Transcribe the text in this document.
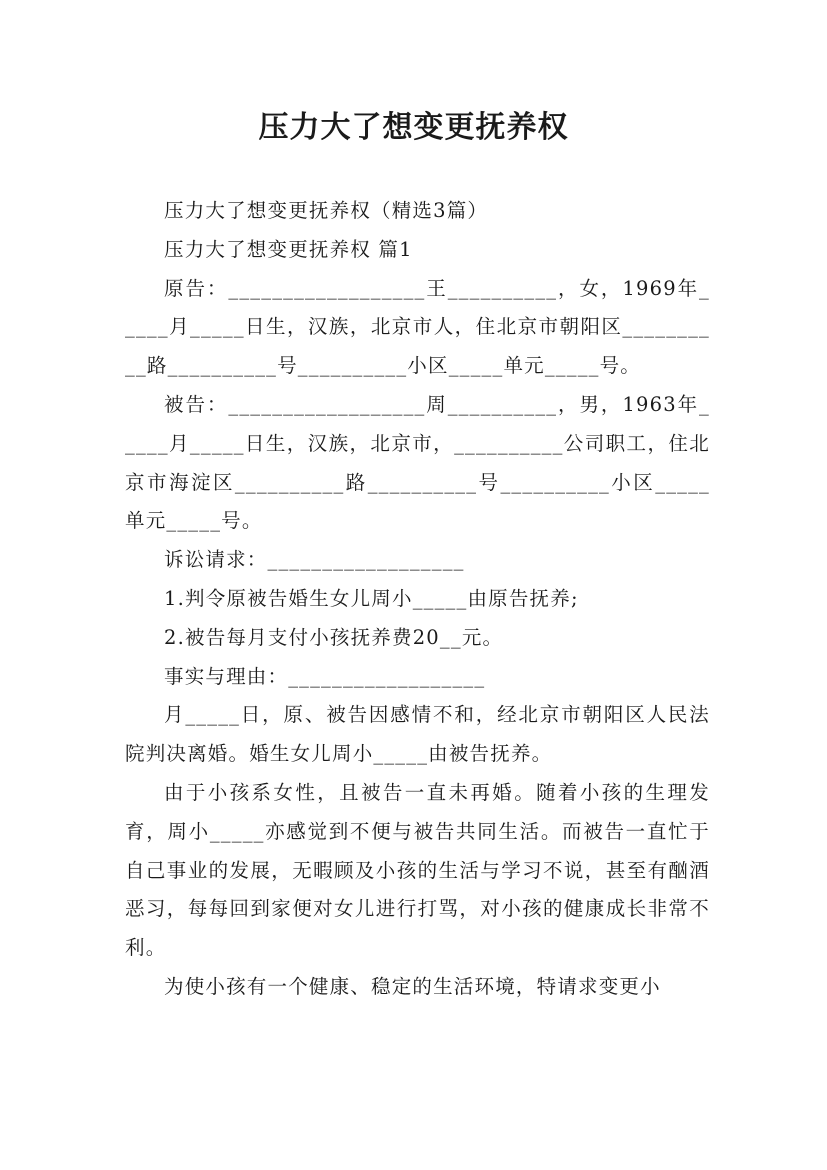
压力大了想变更抚养权

压力大了想变更抚养权（精选3篇）

压力大了想变更抚养权 篇1

原告：__________________王__________，女，1969年_____月_____日生，汉族，北京市人，住北京市朝阳区__________路__________号__________小区_____单元_____号。

被告：__________________周__________，男，1963年_____月_____日生，汉族，北京市，__________公司职工，住北京市海淀区__________路__________号__________小区_____单元_____号。

诉讼请求：__________________

1.判令原被告婚生女儿周小_____由原告抚养;

2.被告每月支付小孩抚养费20__元。

事实与理由：__________________

月_____日，原、被告因感情不和，经北京市朝阳区人民法院判决离婚。婚生女儿周小_____由被告抚养。

由于小孩系女性，且被告一直未再婚。随着小孩的生理发育，周小_____亦感觉到不便与被告共同生活。而被告一直忙于自己事业的发展，无暇顾及小孩的生活与学习不说，甚至有酗酒恶习，每每回到家便对女儿进行打骂，对小孩的健康成长非常不利。

为使小孩有一个健康、稳定的生活环境，特请求变更小
